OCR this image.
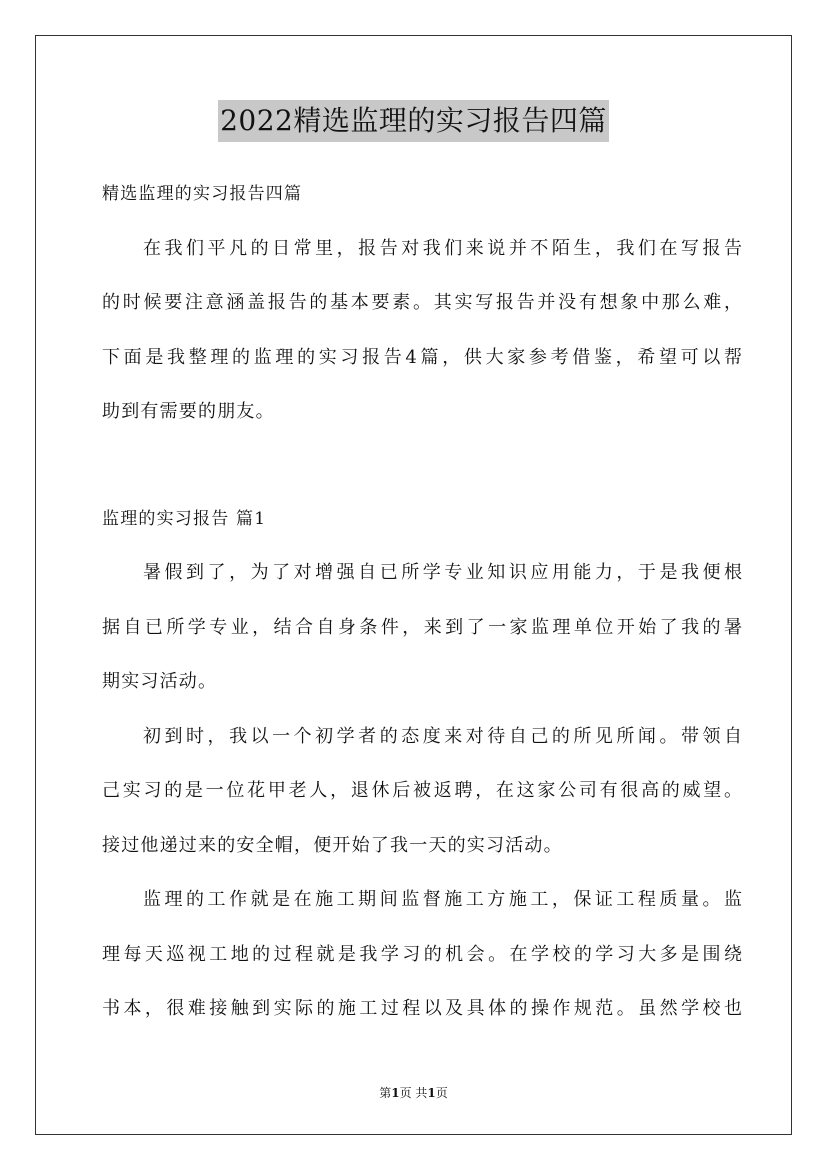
2022精选监理的实习报告四篇
精选监理的实习报告四篇
在我们平凡的日常里，报告对我们来说并不陌生，我们在写报告
的时候要注意涵盖报告的基本要素。其实写报告并没有想象中那么难，
下面是我整理的监理的实习报告4篇，供大家参考借鉴，希望可以帮
助到有需要的朋友。
监理的实习报告 篇1
暑假到了，为了对增强自已所学专业知识应用能力，于是我便根
据自已所学专业，结合自身条件，来到了一家监理单位开始了我的暑
期实习活动。
初到时，我以一个初学者的态度来对待自己的所见所闻。带领自
己实习的是一位花甲老人，退休后被返聘，在这家公司有很高的威望。
接过他递过来的安全帽，便开始了我一天的实习活动。
监理的工作就是在施工期间监督施工方施工，保证工程质量。监
理每天巡视工地的过程就是我学习的机会。在学校的学习大多是围绕
书本，很难接触到实际的施工过程以及具体的操作规范。虽然学校也
第1页 共1页
